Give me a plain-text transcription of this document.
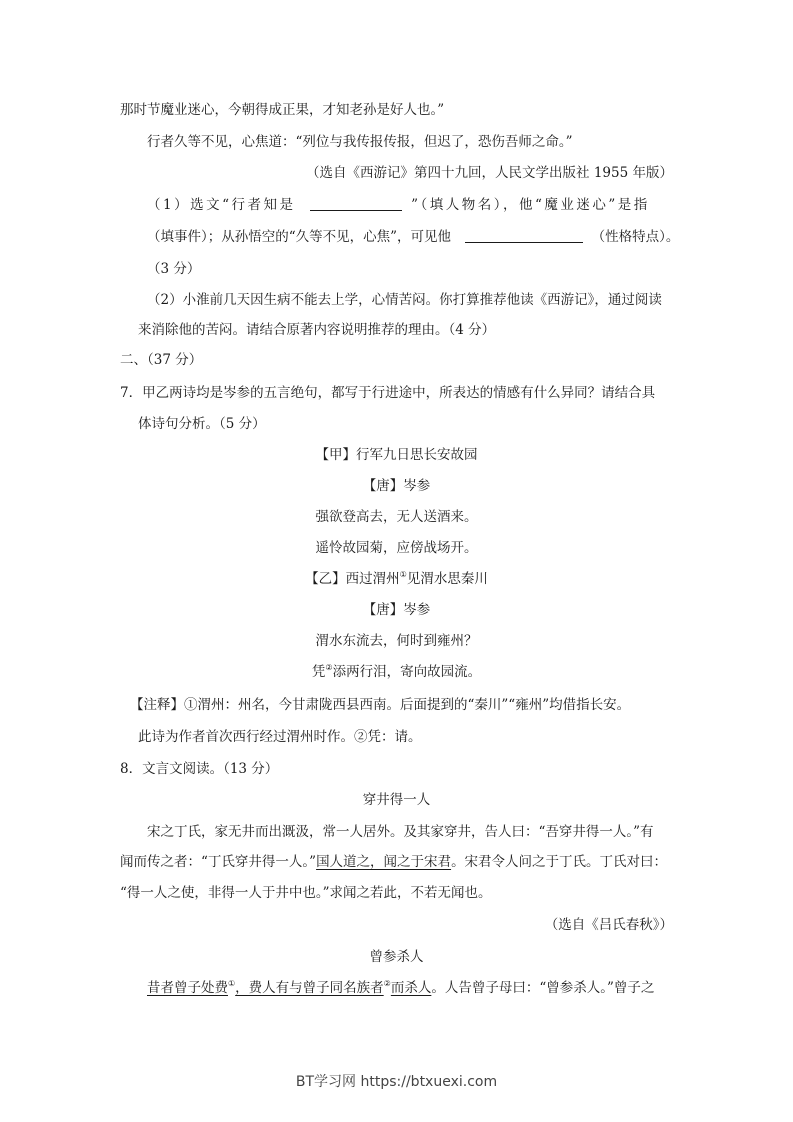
那时节魔业迷心，今朝得成正果，才知老孙是好人也。”
行者久等不见，心焦道：“列位与我传报传报，但迟了，恐伤吾师之命。”
（选自《西游记》第四十九回，人民文学出版社 1955 年版）
（1）选文“行者知是	”（填人物名），他“魔业迷心”是指
（填事件）；从孙悟空的“久等不见，心焦”，可见他	（性格特点）。
（3 分）
（2）小淮前几天因生病不能去上学，心情苦闷。你打算推荐他读《西游记》，通过阅读
来消除他的苦闷。请结合原著内容说明推荐的理由。（4 分）
二、（37 分）
7．甲乙两诗均是岑参的五言绝句，都写于行进途中，所表达的情感有什么异同？请结合具
体诗句分析。（5 分）
【甲】行军九日思长安故园
【唐】岑参
强欲登高去，无人送酒来。
遥怜故园菊，应傍战场开。
【乙】西过渭州①见渭水思秦川
【唐】岑参
渭水东流去，何时到雍州？
凭②添两行泪，寄向故园流。
【注释】①渭州：州名，今甘肃陇西县西南。后面提到的“秦川”“雍州”均借指长安。
此诗为作者首次西行经过渭州时作。②凭：请。
8．文言文阅读。（13 分）
穿井得一人
宋之丁氏，家无井而出溉汲，常一人居外。及其家穿井，告人曰：“吾穿井得一人。”有
闻而传之者：“丁氏穿井得一人。”国人道之，闻之于宋君。宋君令人问之于丁氏。丁氏对曰：
“得一人之使，非得一人于井中也。”求闻之若此，不若无闻也。
（选自《吕氏春秋》）
曾参杀人
昔者曾子处费①，费人有与曾子同名族者②而杀人。人告曾子母曰：“曾参杀人。”曾子之
BT学习网 https://btxuexi.com
